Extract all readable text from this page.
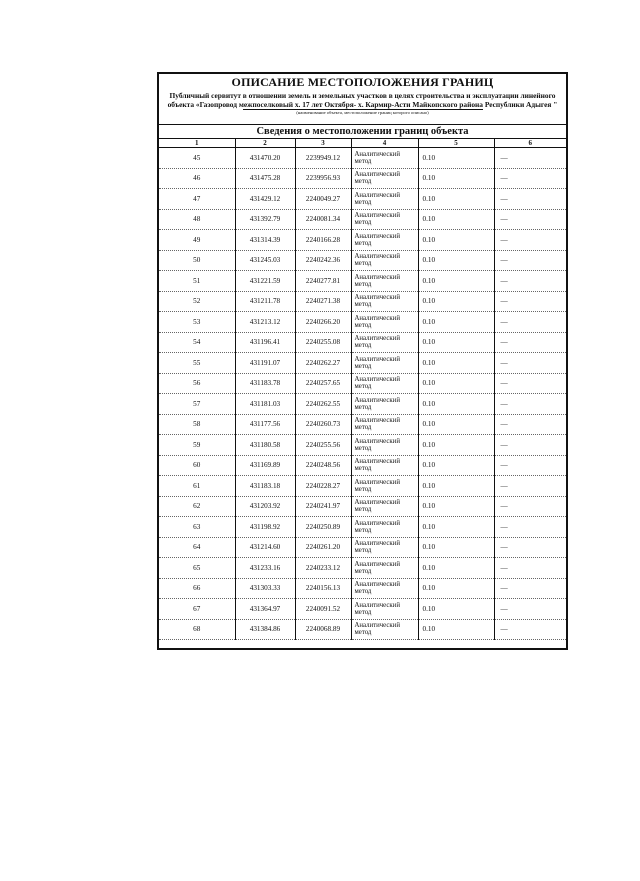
ОПИСАНИЕ МЕСТОПОЛОЖЕНИЯ ГРАНИЦ
Публичный сервитут в отношении земель и земельных участков в целях строительства и эксплуатации линейного объекта «Газопровод межпоселковый х. 17 лет Октября- х. Кармир-Асти Майкопского района Республики Адыгея "
(наименование объекта, местоположение границ которого описано)
Сведения о местоположении границ объекта
1	2	3	4	5	6
45	431470.20	2239949.12	Аналитический метод	0.10	—
46	431475.28	2239956.93	Аналитический метод	0.10	—
47	431429.12	2240049.27	Аналитический метод	0.10	—
48	431392.79	2240081.34	Аналитический метод	0.10	—
49	431314.39	2240166.28	Аналитический метод	0.10	—
50	431245.03	2240242.36	Аналитический метод	0.10	—
51	431221.59	2240277.81	Аналитический метод	0.10	—
52	431211.78	2240271.38	Аналитический метод	0.10	—
53	431213.12	2240266.20	Аналитический метод	0.10	—
54	431196.41	2240255.08	Аналитический метод	0.10	—
55	431191.07	2240262.27	Аналитический метод	0.10	—
56	431183.78	2240257.65	Аналитический метод	0.10	—
57	431181.03	2240262.55	Аналитический метод	0.10	—
58	431177.56	2240260.73	Аналитический метод	0.10	—
59	431180.58	2240255.56	Аналитический метод	0.10	—
60	431169.89	2240248.56	Аналитический метод	0.10	—
61	431183.18	2240228.27	Аналитический метод	0.10	—
62	431203.92	2240241.97	Аналитический метод	0.10	—
63	431198.92	2240250.89	Аналитический метод	0.10	—
64	431214.60	2240261.20	Аналитический метод	0.10	—
65	431233.16	2240233.12	Аналитический метод	0.10	—
66	431303.33	2240156.13	Аналитический метод	0.10	—
67	431364.97	2240091.52	Аналитический метод	0.10	—
68	431384.86	2240068.89	Аналитический метод	0.10	—
